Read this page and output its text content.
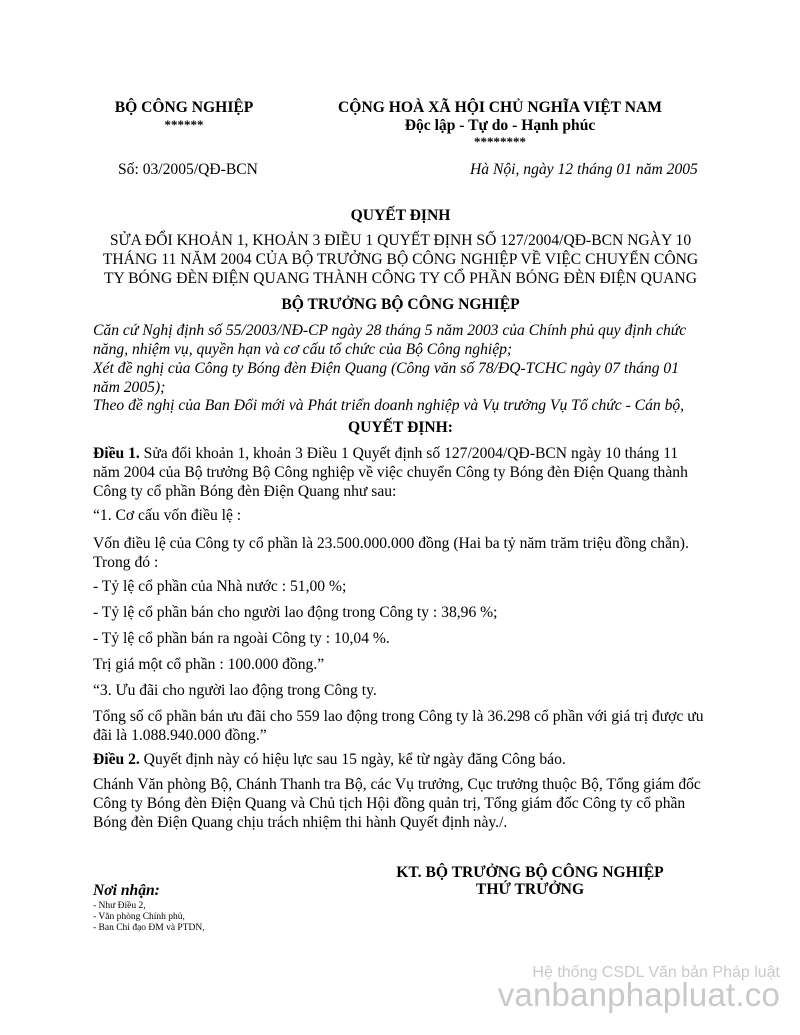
BỘ CÔNG NGHIỆP
******
CỘNG HOÀ XÃ HỘI CHỦ NGHĨA VIỆT NAM
Độc lập - Tự do - Hạnh phúc
********
Số: 03/2005/QĐ-BCN	Hà Nội, ngày 12 tháng 01 năm 2005
QUYẾT ĐỊNH
SỬA ĐỔI KHOẢN 1, KHOẢN 3 ĐIỀU 1 QUYẾT ĐỊNH SỐ 127/2004/QĐ-BCN NGÀY 10
THÁNG 11 NĂM 2004 CỦA BỘ TRƯỞNG BỘ CÔNG NGHIỆP VỀ VIỆC CHUYỂN CÔNG
TY BÓNG ĐÈN ĐIỆN QUANG THÀNH CÔNG TY CỔ PHẦN BÓNG ĐÈN ĐIỆN QUANG
BỘ TRƯỞNG BỘ CÔNG NGHIỆP
Căn cứ Nghị định số 55/2003/NĐ-CP ngày 28 tháng 5 năm 2003 của Chính phủ quy định chức năng, nhiệm vụ, quyền hạn và cơ cấu tổ chức của Bộ Công nghiệp;
Xét đề nghị của Công ty Bóng đèn Điện Quang (Công văn số 78/ĐQ-TCHC ngày 07 tháng 01 năm 2005);
Theo đề nghị của Ban Đổi mới và Phát triển doanh nghiệp và Vụ trưởng Vụ Tổ chức - Cán bộ,
QUYẾT ĐỊNH:
Điều 1. Sửa đổi khoản 1, khoản 3 Điều 1 Quyết định số 127/2004/QĐ-BCN ngày 10 tháng 11 năm 2004 của Bộ trưởng Bộ Công nghiệp về việc chuyển Công ty Bóng đèn Điện Quang thành Công ty cổ phần Bóng đèn Điện Quang như sau:
“1. Cơ cấu vốn điều lệ :
Vốn điều lệ của Công ty cổ phần là 23.500.000.000 đồng (Hai ba tỷ năm trăm triệu đồng chẵn). Trong đó :
- Tỷ lệ cổ phần của Nhà nước : 51,00 %;
- Tỷ lệ cổ phần bán cho người lao động trong Công ty : 38,96 %;
- Tỷ lệ cổ phần bán ra ngoài Công ty : 10,04 %.
Trị giá một cổ phần : 100.000 đồng.”
“3. Ưu đãi cho người lao động trong Công ty.
Tổng số cổ phần bán ưu đãi cho 559 lao động trong Công ty là 36.298 cổ phần với giá trị được ưu đãi là 1.088.940.000 đồng.”
Điều 2. Quyết định này có hiệu lực sau 15 ngày, kể từ ngày đăng Công báo.
Chánh Văn phòng Bộ, Chánh Thanh tra Bộ, các Vụ trưởng, Cục trưởng thuộc Bộ, Tổng giám đốc Công ty Bóng đèn Điện Quang và Chủ tịch Hội đồng quản trị, Tổng giám đốc Công ty cổ phần Bóng đèn Điện Quang chịu trách nhiệm thi hành Quyết định này./.
KT. BỘ TRƯỞNG BỘ CÔNG NGHIỆP
THỨ TRƯỞNG
Nơi nhận:
- Như Điều 2,
- Văn phòng Chính phủ,
- Ban Chỉ đạo ĐM và PTDN,
Hệ thống CSDL Văn bản Pháp luật
vanbanphapluat.co
